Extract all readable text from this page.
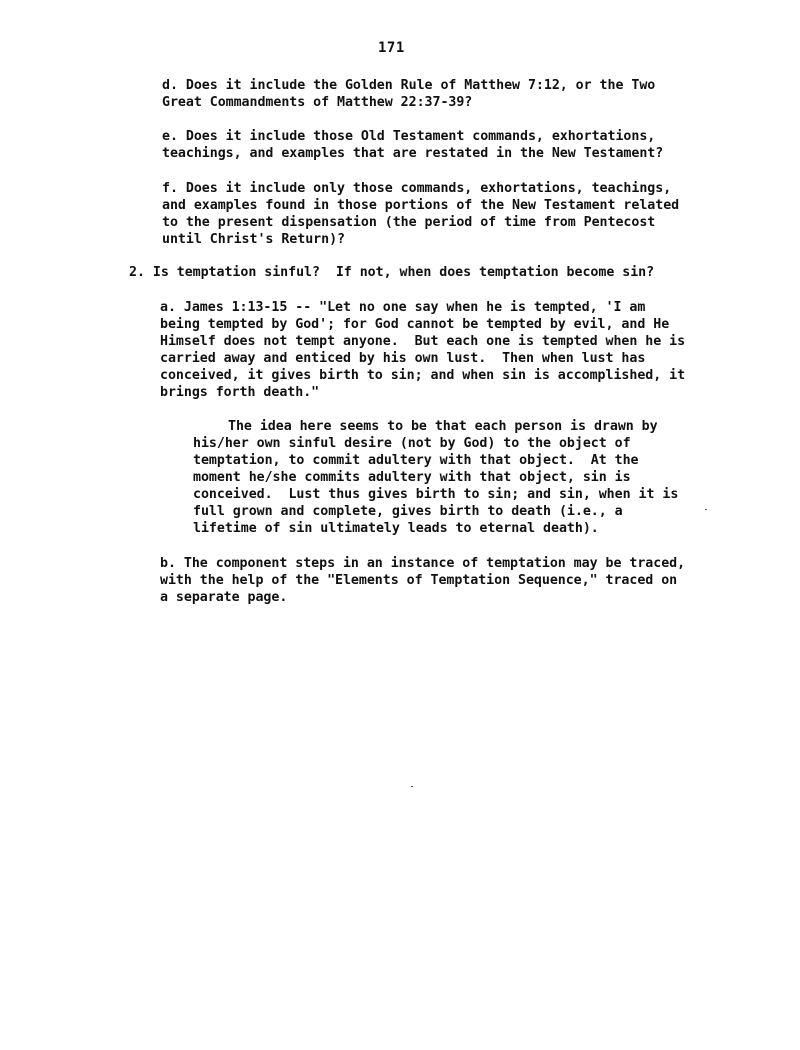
171
d. Does it include the Golden Rule of Matthew 7:12, or the Two
Great Commandments of Matthew 22:37-39?
e. Does it include those Old Testament commands, exhortations,
teachings, and examples that are restated in the New Testament?
f. Does it include only those commands, exhortations, teachings,
and examples found in those portions of the New Testament related
to the present dispensation (the period of time from Pentecost
until Christ's Return)?
2. Is temptation sinful?  If not, when does temptation become sin?
a. James 1:13-15 -- "Let no one say when he is tempted, 'I am
being tempted by God'; for God cannot be tempted by evil, and He
Himself does not tempt anyone.  But each one is tempted when he is
carried away and enticed by his own lust.  Then when lust has
conceived, it gives birth to sin; and when sin is accomplished, it
brings forth death."
The idea here seems to be that each person is drawn by
his/her own sinful desire (not by God) to the object of
temptation, to commit adultery with that object.  At the
moment he/she commits adultery with that object, sin is
conceived.  Lust thus gives birth to sin; and sin, when it is
full grown and complete, gives birth to death (i.e., a
lifetime of sin ultimately leads to eternal death).
b. The component steps in an instance of temptation may be traced,
with the help of the "Elements of Temptation Sequence," traced on
a separate page.
